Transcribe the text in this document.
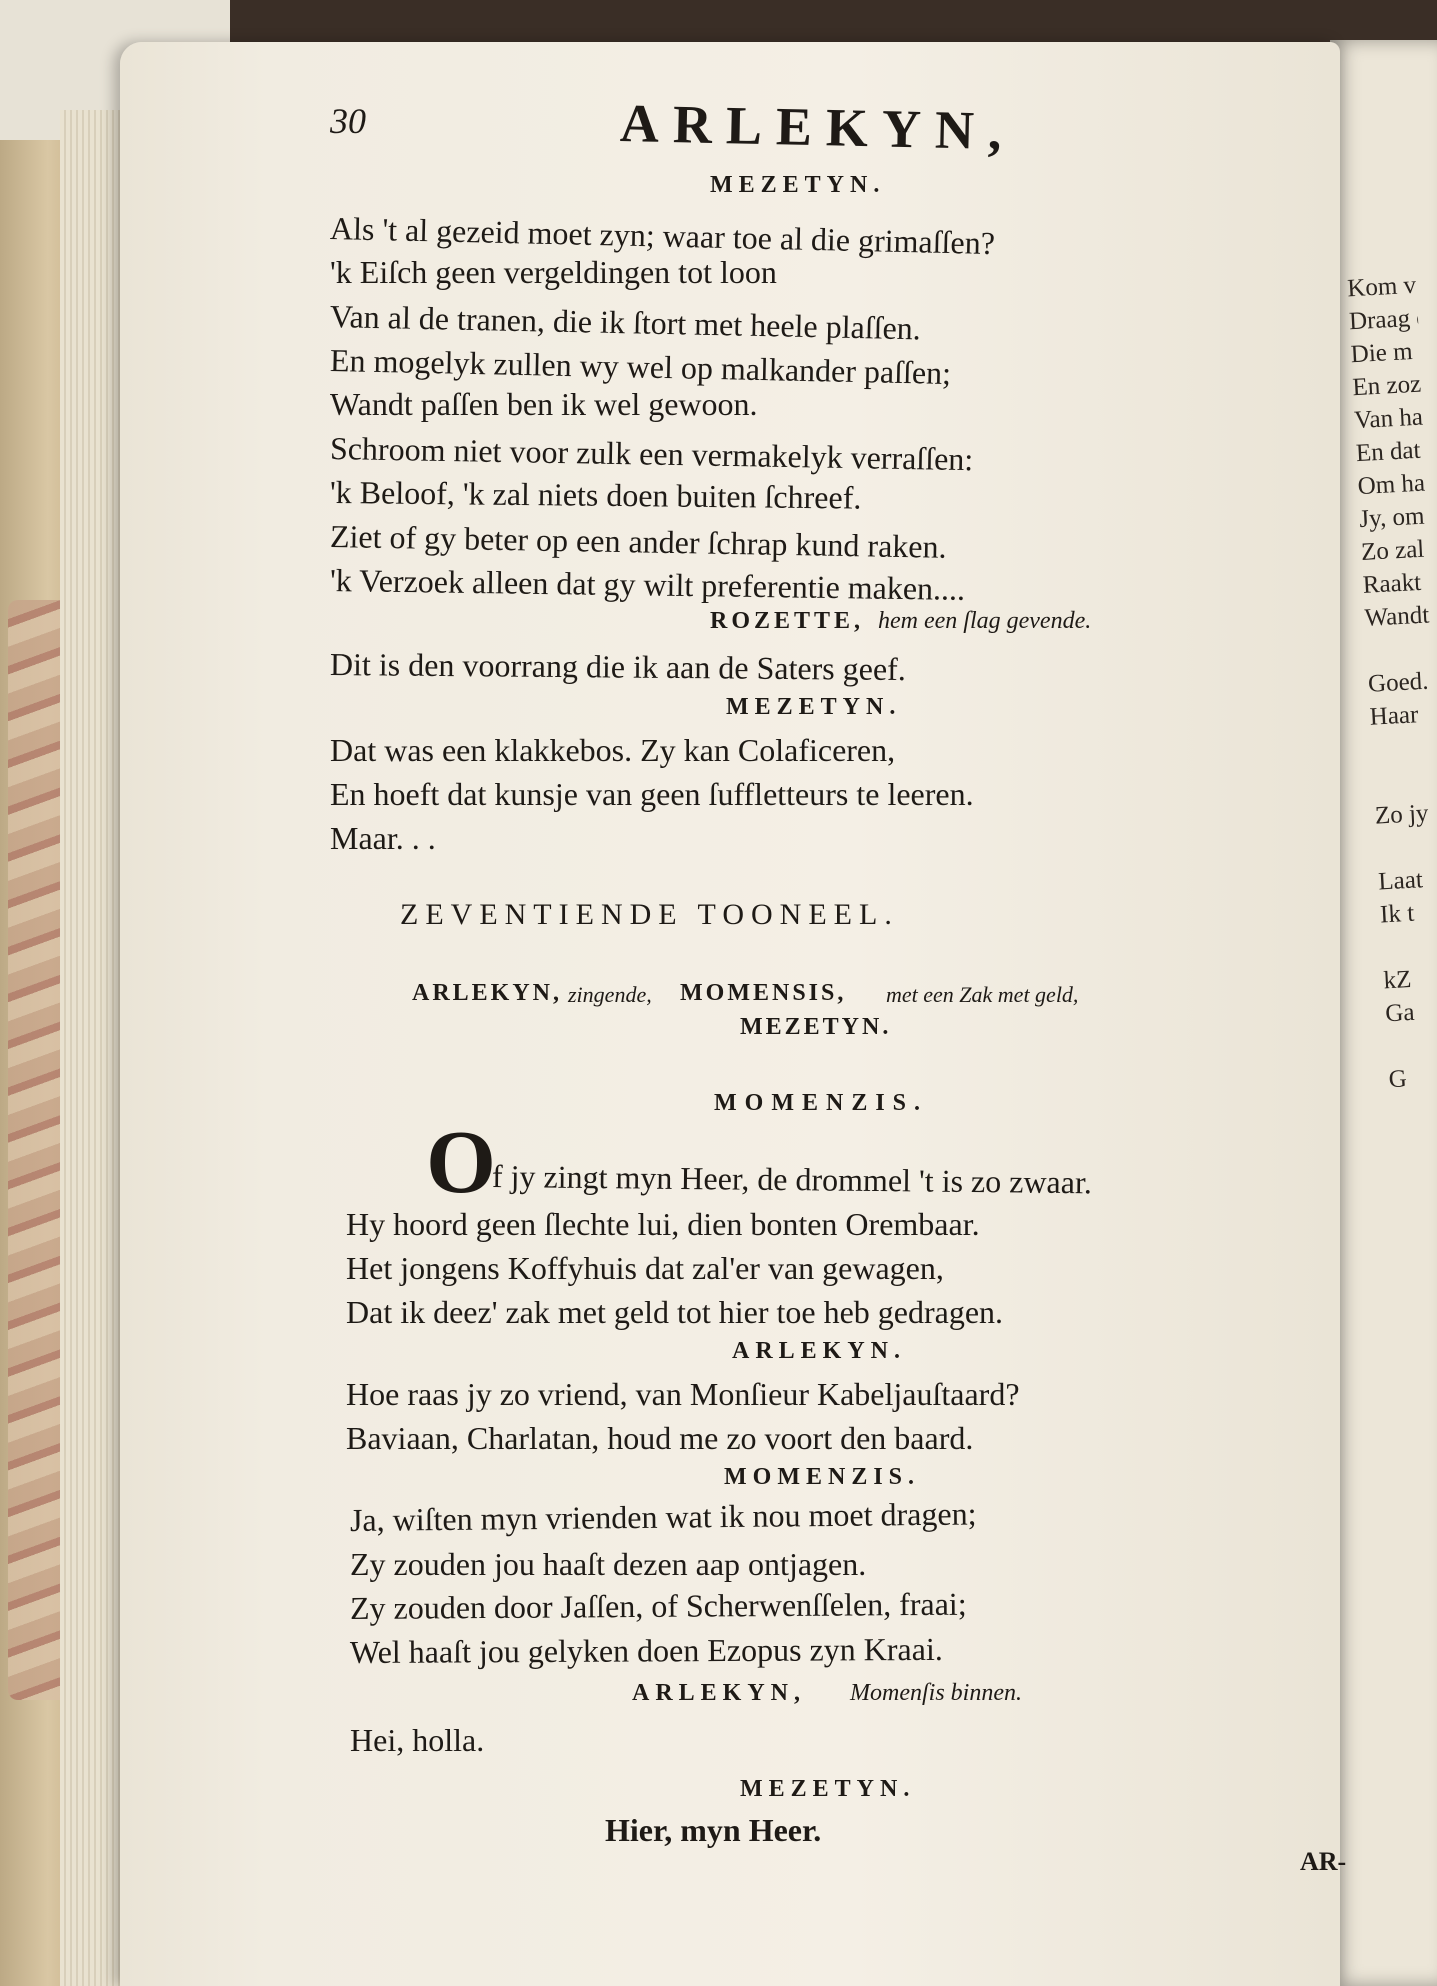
Kom vo
Draag d
Die m
En zoze
Van haa
En dat
Om ha
Jy, om
Zo zal
Raakt
Wandt

Goed.
Haar

Zo jy

Laat
Ik t

kZ
Ga

G
30	ARLEKYN,
MEZETYN.
Als 't al gezeid moet zyn; waar toe al die grimaſſen?
'k Eiſch geen vergeldingen tot loon
Van al de tranen, die ik ſtort met heele plaſſen.
En mogelyk zullen wy wel op malkander paſſen;
Wandt paſſen ben ik wel gewoon.
Schroom niet voor zulk een vermakelyk verraſſen:
'k Beloof, 'k zal niets doen buiten ſchreef.
Ziet of gy beter op een ander ſchrap kund raken.
'k Verzoek alleen dat gy wilt preferentie maken....
ROZETTE, hem een ſlag gevende.
Dit is den voorrang die ik aan de Saters geef.
MEZETYN.
Dat was een klakkebos. Zy kan Colaficeren,
En hoeft dat kunsje van geen ſuffletteurs te leeren.
Maar. . .
ZEVENTIENDE TOONEEL.
ARLEKYN, zingende, MOMENSIS, met een Zak met geld,
MEZETYN.
MOMENZIS.
O
f jy zingt myn Heer, de drommel 't is zo zwaar.
Hy hoord geen ſlechte lui, dien bonten Orembaar.
Het jongens Koffyhuis dat zal'er van gewagen,
Dat ik deez' zak met geld tot hier toe heb gedragen.
ARLEKYN.
Hoe raas jy zo vriend, van Monſieur Kabeljauſtaard?
Baviaan, Charlatan, houd me zo voort den baard.
MOMENZIS.
Ja, wiſten myn vrienden wat ik nou moet dragen;
Zy zouden jou haaſt dezen aap ontjagen.
Zy zouden door Jaſſen, of Scherwenſſelen, fraai;
Wel haaſt jou gelyken doen Ezopus zyn Kraai.
ARLEKYN, Momenſis binnen.
Hei, holla.
MEZETYN.
Hier, myn Heer.
AR-
